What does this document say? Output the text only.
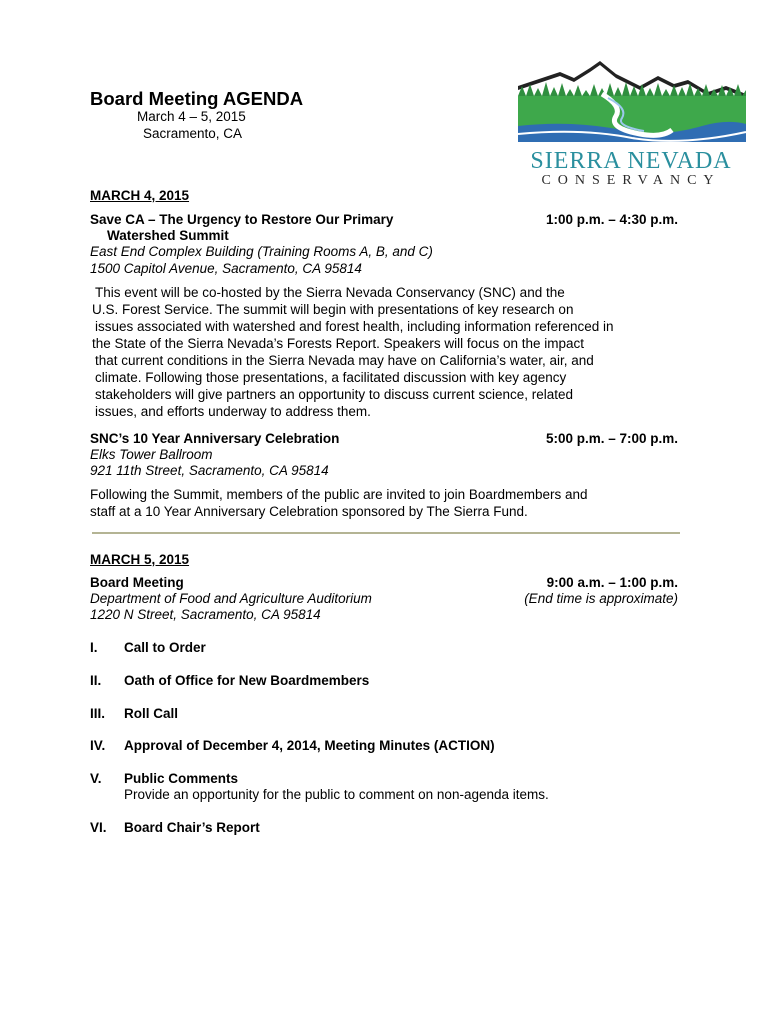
Board Meeting AGENDA
March 4 – 5, 2015
Sacramento, CA
SIERRA NEVADA
CONSERVANCY
MARCH 4, 2015
Save CA – The Urgency to Restore Our Primary	1:00 p.m. – 4:30 p.m.
Watershed Summit
East End Complex Building (Training Rooms A, B, and C)
1500 Capitol Avenue, Sacramento, CA 95814
This event will be co-hosted by the Sierra Nevada Conservancy (SNC) and the
U.S. Forest Service. The summit will begin with presentations of key research on
issues associated with watershed and forest health, including information referenced in
the State of the Sierra Nevada’s Forests Report. Speakers will focus on the impact
that current conditions in the Sierra Nevada may have on California’s water, air, and
climate. Following those presentations, a facilitated discussion with key agency
stakeholders will give partners an opportunity to discuss current science, related
issues, and efforts underway to address them.
SNC’s 10 Year Anniversary Celebration	5:00 p.m. – 7:00 p.m.
Elks Tower Ballroom
921 11th Street, Sacramento, CA 95814
Following the Summit, members of the public are invited to join Boardmembers and
staff at a 10 Year Anniversary Celebration sponsored by The Sierra Fund.
MARCH 5, 2015
Board Meeting	9:00 a.m. – 1:00 p.m.
Department of Food and Agriculture Auditorium	(End time is approximate)
1220 N Street, Sacramento, CA 95814
I. Call to Order
II. Oath of Office for New Boardmembers
III. Roll Call
IV. Approval of December 4, 2014, Meeting Minutes (ACTION)
V. Public Comments
Provide an opportunity for the public to comment on non-agenda items.
VI. Board Chair’s Report
